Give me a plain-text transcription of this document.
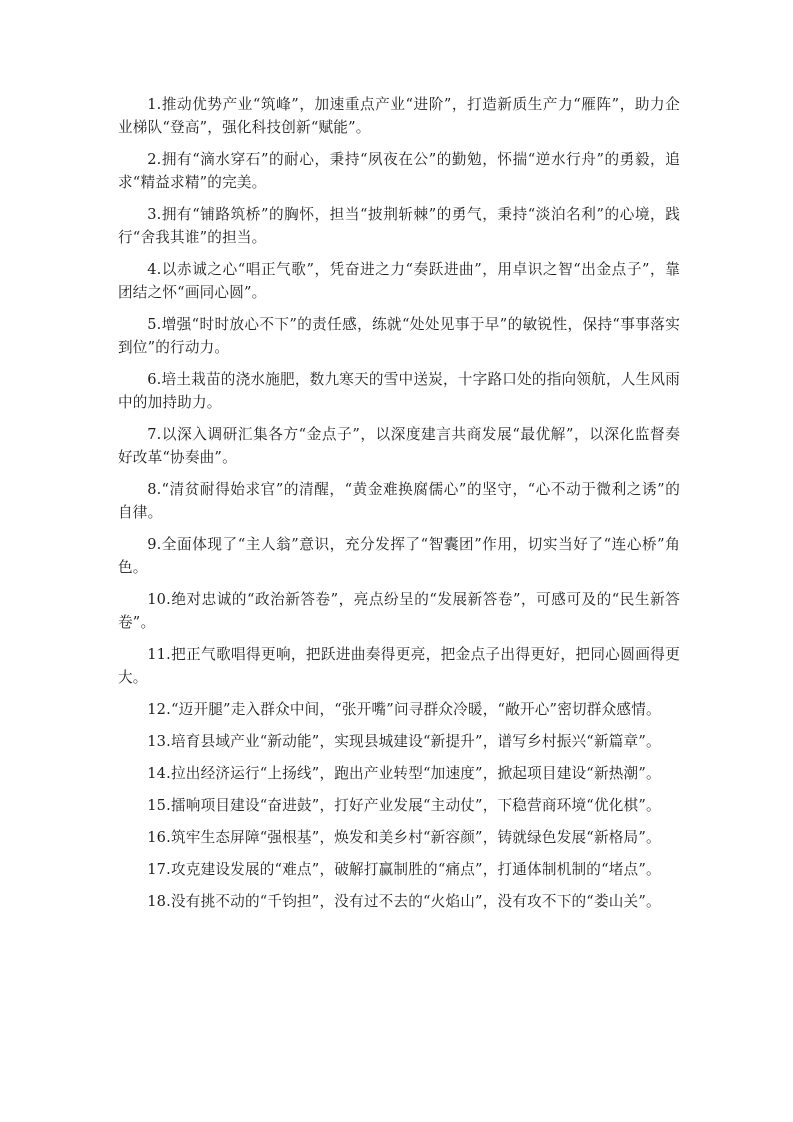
1.推动优势产业“筑峰”，加速重点产业“进阶”，打造新质生产力“雁阵”，助力企业梯队“登高”，强化科技创新“赋能”。

2.拥有“滴水穿石”的耐心，秉持“夙夜在公”的勤勉，怀揣“逆水行舟”的勇毅，追求“精益求精”的完美。

3.拥有“铺路筑桥”的胸怀，担当“披荆斩棘”的勇气，秉持“淡泊名利”的心境，践行“舍我其谁”的担当。

4.以赤诚之心“唱正气歌”，凭奋进之力“奏跃进曲”，用卓识之智“出金点子”，靠团结之怀“画同心圆”。

5.增强“时时放心不下”的责任感，练就“处处见事于早”的敏锐性，保持“事事落实到位”的行动力。

6.培土栽苗的浇水施肥，数九寒天的雪中送炭，十字路口处的指向领航，人生风雨中的加持助力。

7.以深入调研汇集各方“金点子”，以深度建言共商发展“最优解”，以深化监督奏好改革“协奏曲”。

8.“清贫耐得始求官”的清醒，“黄金难换腐儒心”的坚守，“心不动于微利之诱”的自律。

9.全面体现了“主人翁”意识，充分发挥了“智囊团”作用，切实当好了“连心桥”角色。

10.绝对忠诚的“政治新答卷”，亮点纷呈的“发展新答卷”，可感可及的“民生新答卷”。

11.把正气歌唱得更响，把跃进曲奏得更亮，把金点子出得更好，把同心圆画得更大。

12.“迈开腿”走入群众中间，“张开嘴”问寻群众冷暖，“敞开心”密切群众感情。

13.培育县域产业“新动能”，实现县城建设“新提升”，谱写乡村振兴“新篇章”。

14.拉出经济运行“上扬线”，跑出产业转型“加速度”，掀起项目建设“新热潮”。

15.擂响项目建设“奋进鼓”，打好产业发展“主动仗”，下稳营商环境“优化棋”。

16.筑牢生态屏障“强根基”，焕发和美乡村“新容颜”，铸就绿色发展“新格局”。

17.攻克建设发展的“难点”，破解打赢制胜的“痛点”，打通体制机制的“堵点”。

18.没有挑不动的“千钧担”，没有过不去的“火焰山”，没有攻不下的“娄山关”。
